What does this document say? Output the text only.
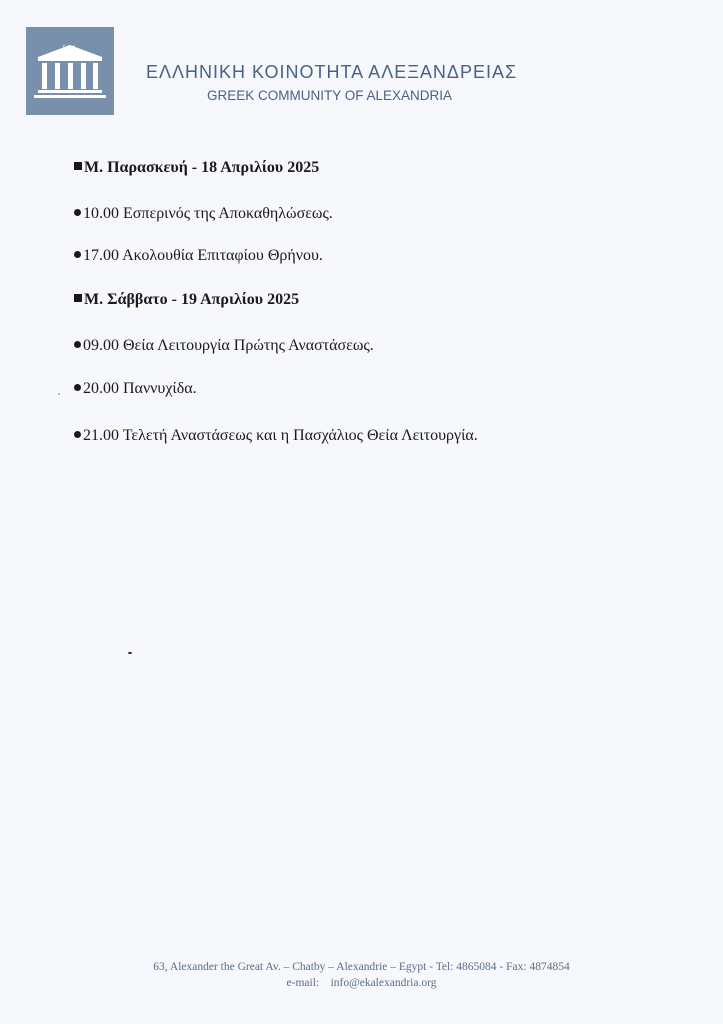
ΕΛΛΗΝΙΚΗ ΚΟΙΝΟΤΗΤΑ ΑΛΕΞΑΝΔΡΕΙΑΣ
GREEK COMMUNITY OF ALEXANDRIA
Μ. Παρασκευή - 18 Απριλίου 2025
10.00 Εσπερινός της Αποκαθηλώσεως.
17.00 Ακολουθία Επιταφίου Θρήνου.
Μ. Σάββατο - 19 Απριλίου 2025
09.00 Θεία Λειτουργία Πρώτης Αναστάσεως.
20.00 Παννυχίδα.
21.00 Τελετή Αναστάσεως και η Πασχάλιος Θεία Λειτουργία.
63, Alexander the Great Av. – Chatby – Alexandrie – Egypt - Tel: 4865084 - Fax: 4874854
e-mail: info@ekalexandria.org
